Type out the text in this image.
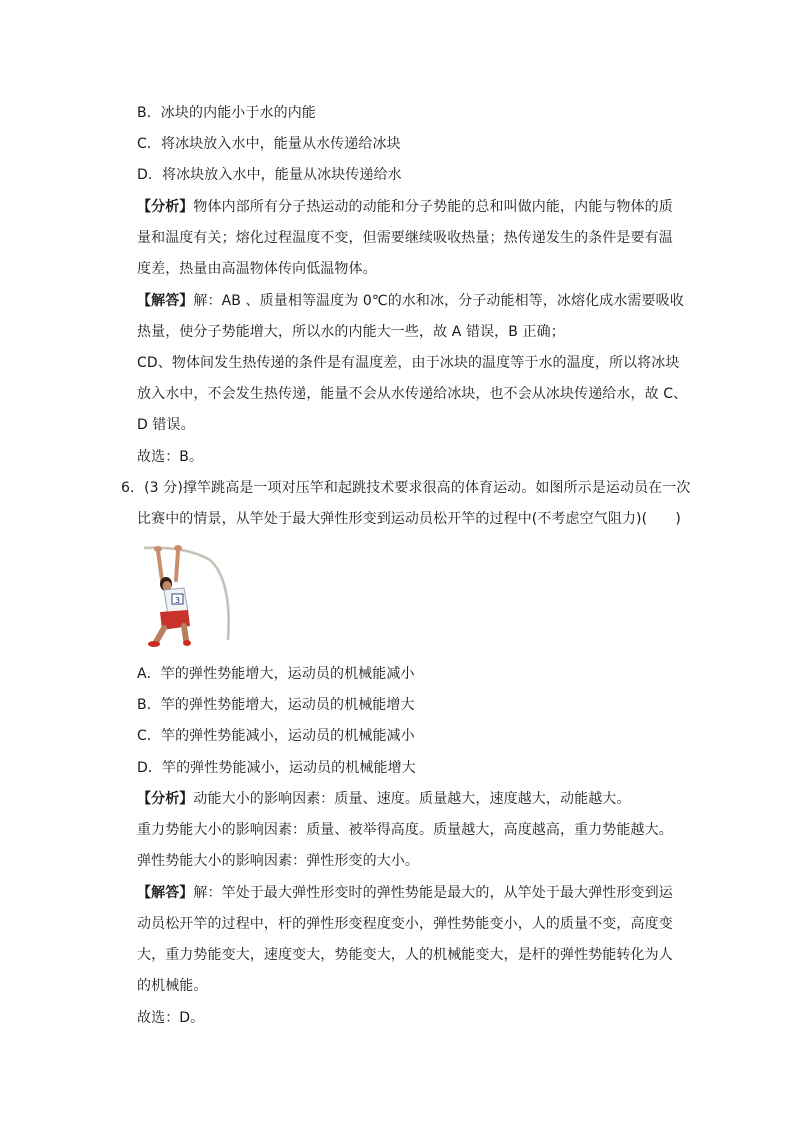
B．冰块的内能小于水的内能
C．将冰块放入水中，能量从水传递给冰块
D．将冰块放入水中，能量从冰块传递给水
【分析】物体内部所有分子热运动的动能和分子势能的总和叫做内能，内能与物体的质
量和温度有关；熔化过程温度不变，但需要继续吸收热量；热传递发生的条件是要有温
度差，热量由高温物体传向低温物体。
【解答】解：AB 、质量相等温度为 0℃的水和冰，分子动能相等，冰熔化成水需要吸收
热量，使分子势能增大，所以水的内能大一些，故 A 错误，B 正确；
CD、物体间发生热传递的条件是有温度差，由于冰块的温度等于水的温度，所以将冰块
放入水中，不会发生热传递，能量不会从水传递给冰块，也不会从冰块传递给水，故 C、
D 错误。
故选：B。
6．(3 分)撑竿跳高是一项对压竿和起跳技术要求很高的体育运动。如图所示是运动员在一次
比赛中的情景，从竿处于最大弹性形变到运动员松开竿的过程中(不考虑空气阻力)(　　)
3
A．竿的弹性势能增大，运动员的机械能减小
B．竿的弹性势能增大，运动员的机械能增大
C．竿的弹性势能减小，运动员的机械能减小
D．竿的弹性势能减小，运动员的机械能增大
【分析】动能大小的影响因素：质量、速度。质量越大，速度越大，动能越大。
重力势能大小的影响因素：质量、被举得高度。质量越大，高度越高，重力势能越大。
弹性势能大小的影响因素：弹性形变的大小。
【解答】解：竿处于最大弹性形变时的弹性势能是最大的，从竿处于最大弹性形变到运
动员松开竿的过程中，杆的弹性形变程度变小，弹性势能变小，人的质量不变，高度变
大，重力势能变大，速度变大，势能变大，人的机械能变大，是杆的弹性势能转化为人
的机械能。
故选：D。
